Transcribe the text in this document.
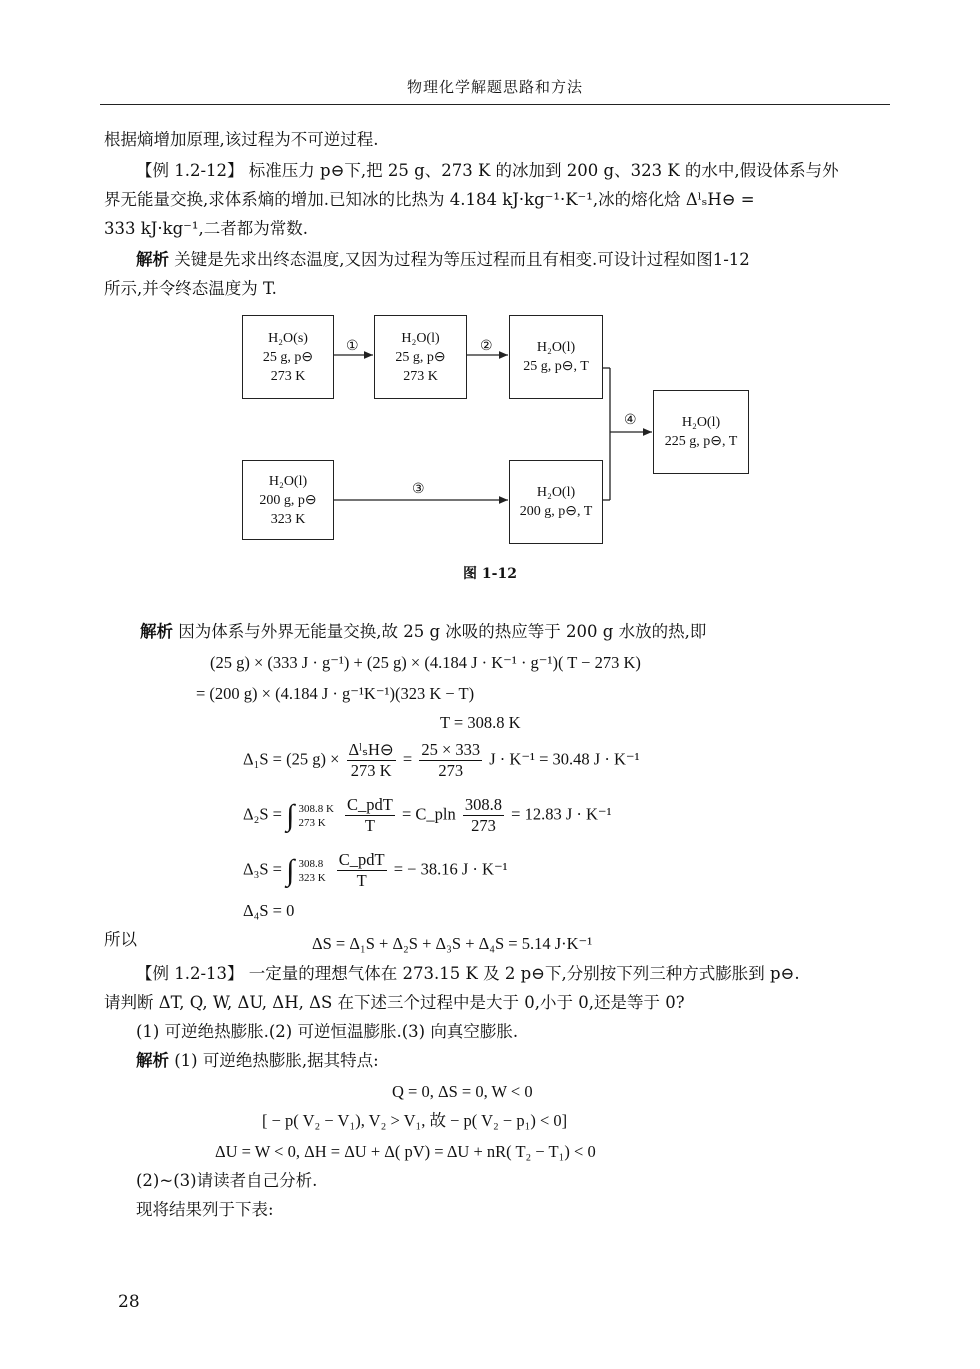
物理化学解题思路和方法
根据熵增加原理,该过程为不可逆过程.
【例 1.2-12】 标准压力 p⊖下,把 25 g、273 K 的冰加到 200 g、323 K 的水中,假设体系与外
界无能量交换,求体系熵的增加.已知冰的比热为 4.184 kJ·kg⁻¹·K⁻¹,冰的熔化焓 ΔˡₛH⊖ =
333 kJ·kg⁻¹,二者都为常数.
解析 关键是先求出终态温度,又因为过程为等压过程而且有相变.可设计过程如图1-12
所示,并令终态温度为 T.
①	②
③
④
H₂O(s)
25 g, p⊖
273 K
H₂O(l)
25 g, p⊖
273 K
H₂O(l)
25 g, p⊖, T
H₂O(l)
225 g, p⊖, T
H₂O(l)
200 g, p⊖
323 K
H₂O(l)
200 g, p⊖, T
图 1-12
解析 因为体系与外界无能量交换,故 25 g 冰吸的热应等于 200 g 水放的热,即
(25 g) × (333 J · g⁻¹) + (25 g) × (4.184 J · K⁻¹ · g⁻¹)( T − 273 K)
= (200 g) × (4.184 J · g⁻¹K⁻¹)(323 K − T)
T = 308.8 K
Δ₁S = (25 $g) \times \frac{\text{ΔˡₛH⊖}}{273 K} = \frac{25 \times 333}{273}$ J · K⁻¹ = 30.48 J · K⁻¹
Δ₂S = ∫ 308.8 K
273 K
	$\frac{\text{C\_pdT}}{T}$ = C_pln $\frac{308.8}{273} = 12.83$ J · K⁻¹
Δ₃S = ∫ 308.8
323 K
$\frac{\text{C\_pdT}}{T}$ = − 38.16 J · K⁻¹
Δ₄S = 0
所以	ΔS = Δ₁S + Δ₂S + Δ₃S + Δ₄S = 5.14 J·K⁻¹
【例 1.2-13】 一定量的理想气体在 273.15 K 及 2 p⊖下,分别按下列三种方式膨胀到 p⊖.
请判断 ΔT, Q, W, ΔU, ΔH, ΔS 在下述三个过程中是大于 0,小于 0,还是等于 0?
(1) 可逆绝热膨胀.(2) 可逆恒温膨胀.(3) 向真空膨胀.
解析 (1) 可逆绝热膨胀,据其特点:
Q = 0, ΔS = 0, W < 0
[ − p( V₂ − V₁), V₂ > V₁, 故 − p( V₂ − p₁) < 0]
ΔU = W < 0, ΔH = ΔU + Δ( pV) = ΔU + nR( T₂ − T₁) < 0
(2)~(3)请读者自己分析.
现将结果列于下表:
28
